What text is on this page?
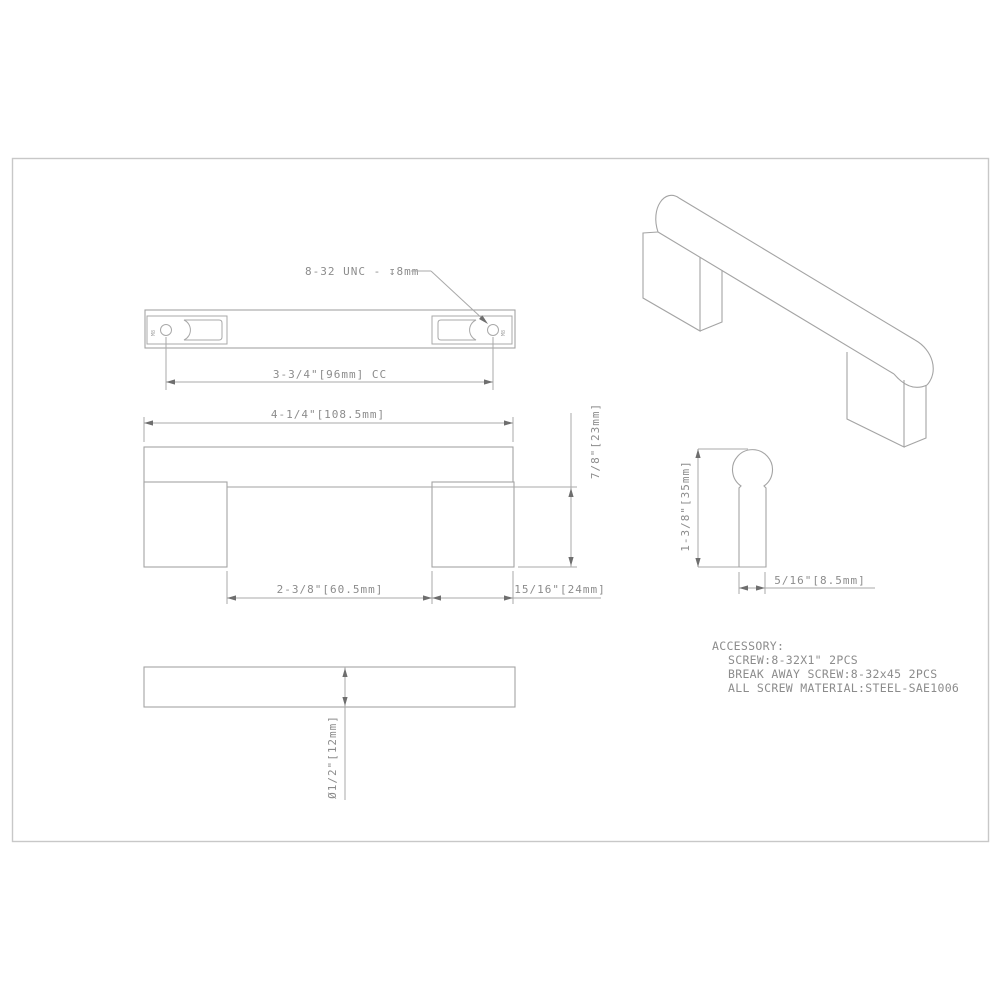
M8	M8
8-32 UNC - ↧8mm
3-3/4"[96mm] CC
4-1/4"[108.5mm]	7/8"[23mm]
2-3/8"[60.5mm]	15/16"[24mm]
1-3/8"[35mm]
5/16"[8.5mm]
Ø1/2"[12mm]
ACCESSORY:
SCREW:8-32X1" 2PCS
BREAK AWAY SCREW:8-32x45 2PCS
ALL SCREW MATERIAL:STEEL-SAE1006
